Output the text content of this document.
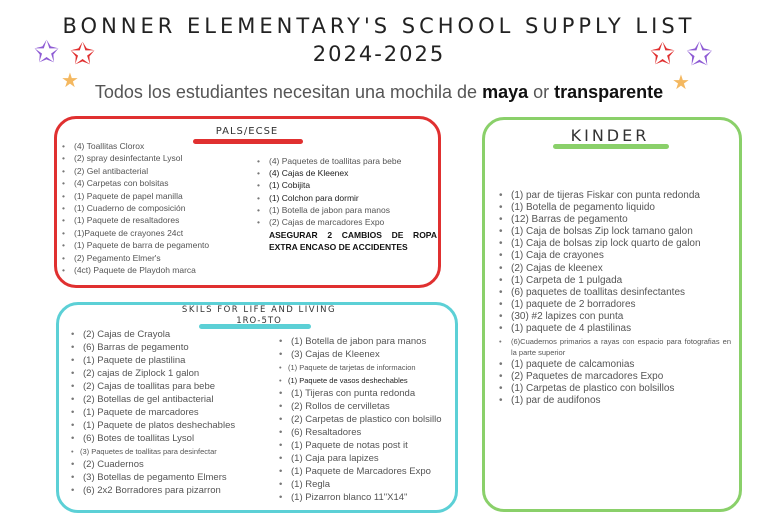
BONNER ELEMENTARY'S SCHOOL SUPPLY LIST
2024-2025
Todos los estudiantes necesitan una mochila de maya or transparente
✩ ✩
★
✩ ✩
★
PALS/ECSE
• (4) Toallitas Clorox
• (2) spray desinfectante Lysol
• (2) Gel antibacterial
• (4) Carpetas con bolsitas
• (1) Paquete de papel manilla
• (1) Cuaderno de composición
• (1) Paquete de resaltadores
• (1)Paquete de crayones 24ct
• (1) Paquete de barra de pegamento
• (2) Pegamento Elmer's
• (4ct) Paquete de Playdoh marca
• (4) Paquetes de toallitas para bebe
• (4) Cajas de Kleenex
• (1) Cobijita
• (1) Colchon para dormir
• (1) Botella de jabon para manos
• (2) Cajas de marcadores Expo
ASEGURAR 2 CAMBIOS DE ROPA EXTRA ENCASO DE ACCIDENTES
KINDER
• (1) par de tijeras Fiskar con punta redonda
• (1) Botella de pegamento liquido
• (12) Barras de pegamento
• (1) Caja de bolsas Zip lock tamano galon
• (1) Caja de bolsas zip lock quarto de galon
• (1) Caja de crayones
• (2) Cajas de kleenex
• (1) Carpeta de 1 pulgada
• (6) paquetes de toallitas desinfectantes
• (1) paquete de 2 borradores
• (30) #2 lapizes con punta
• (1) paquete de 4 plastilinas
• (6)Cuadernos primarios a rayas con espacio para fotografias en la parte superior
• (1) paquete de calcamonias
• (2) Paquetes de marcadores Expo
• (1) Carpetas de plastico con bolsillos
• (1) par de audifonos
SKILS FOR LIFE AND LIVING
1RO-5TO
• (2) Cajas de Crayola
• (6) Barras de pegamento
• (1) Paquete de plastilina
• (2) cajas de Ziplock 1 galon
• (2) Cajas de toallitas para bebe
• (2) Botellas de gel antibacterial
• (1) Paquete de marcadores
• (1) Paquete de platos deshechables
• (6) Botes de toallitas Lysol
• (3) Paquetes de toallitas para desinfectar
• (2) Cuadernos
• (3) Botellas de pegamento Elmers
• (6) 2x2 Borradores para pizarron
• (1) Botella de jabon para manos
• (3) Cajas de Kleenex
• (1) Paquete de tarjetas de informacion
• (1) Paquete de vasos deshechables
• (1) Tijeras con punta redonda
• (2) Rollos de cervilletas
• (2) Carpetas de plastico con bolsillo
• (6) Resaltadores
• (1) Paquete de notas post it
• (1) Caja para lapizes
• (1) Paquete de Marcadores Expo
• (1) Regla
• (1) Pizarron blanco 11"X14"
